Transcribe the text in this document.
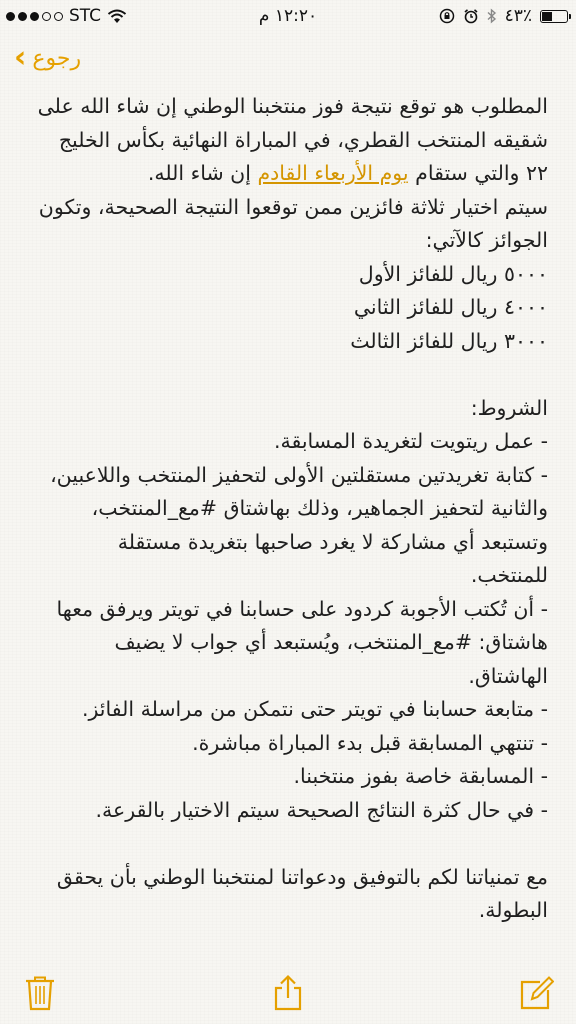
STC	١٢:٢٠ م	٤٣٪
‹ رجوع

المطلوب هو توقع نتيجة فوز منتخبنا الوطني إن شاء الله على شقيقه المنتخب القطري، في المباراة النهائية بكأس الخليج ٢٢ والتي ستقام يوم الأربعاء القادم إن شاء الله.

سيتم اختيار ثلاثة فائزين ممن توقعوا النتيجة الصحيحة، وتكون الجوائز كالآتي:

٥٠٠٠ ريال للفائز الأول

٤٠٠٠ ريال للفائز الثاني

٣٠٠٠ ريال للفائز الثالث

الشروط:

- عمل ريتويت لتغريدة المسابقة.

- كتابة تغريدتين مستقلتين الأولى لتحفيز المنتخب واللاعبين، والثانية لتحفيز الجماهير، وذلك بهاشتاق #مع_المنتخب، وتستبعد أي مشاركة لا يغرد صاحبها بتغريدة مستقلة للمنتخب.

- أن تُكتب الأجوبة كردود على حسابنا في تويتر ويرفق معها هاشتاق: #مع_المنتخب، ويُستبعد أي جواب لا يضيف الهاشتاق.

- متابعة حسابنا في تويتر حتى نتمكن من مراسلة الفائز.

- تنتهي المسابقة قبل بدء المباراة مباشرة.

- المسابقة خاصة بفوز منتخبنا.

- في حال كثرة النتائج الصحيحة سيتم الاختيار بالقرعة.

مع تمنياتنا لكم بالتوفيق ودعواتنا لمنتخبنا الوطني بأن يحقق البطولة.
